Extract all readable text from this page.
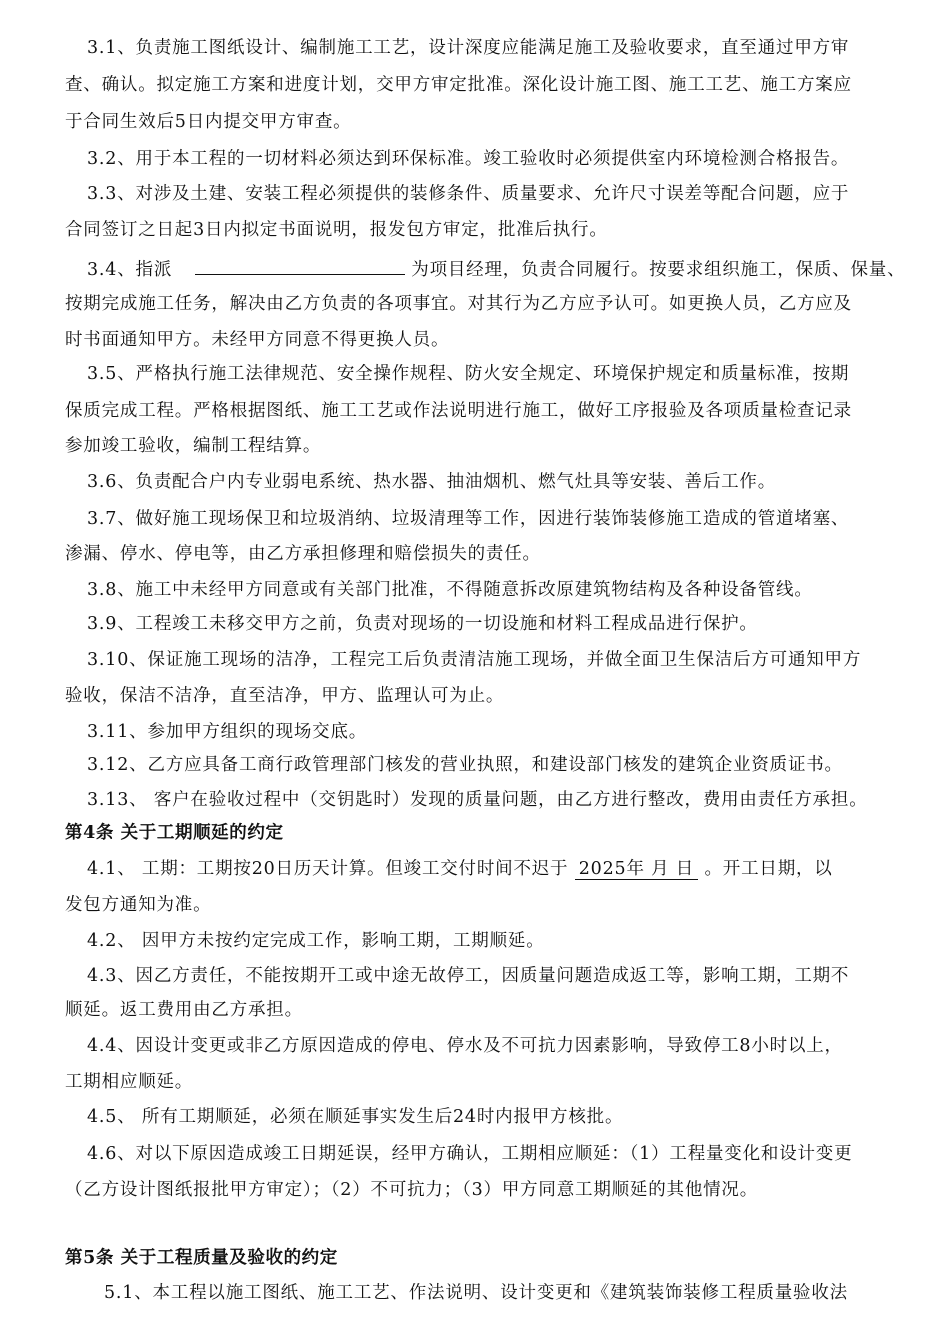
3.1、负责施工图纸设计、编制施工工艺，设计深度应能满足施工及验收要求，直至通过甲方审
查、确认。拟定施工方案和进度计划，交甲方审定批准。深化设计施工图、施工工艺、施工方案应
于合同生效后5日内提交甲方审查。
3.2、用于本工程的一切材料必须达到环保标准。竣工验收时必须提供室内环境检测合格报告。
3.3、对涉及土建、安装工程必须提供的装修条件、质量要求、允许尺寸误差等配合问题，应于
合同签订之日起3日内拟定书面说明，报发包方审定，批准后执行。
3.4、指派	为项目经理，负责合同履行。按要求组织施工，保质、保量、
按期完成施工任务，解决由乙方负责的各项事宜。对其行为乙方应予认可。如更换人员，乙方应及
时书面通知甲方。未经甲方同意不得更换人员。
3.5、严格执行施工法律规范、安全操作规程、防火安全规定、环境保护规定和质量标准，按期
保质完成工程。严格根据图纸、施工工艺或作法说明进行施工，做好工序报验及各项质量检查记录
参加竣工验收，编制工程结算。
3.6、负责配合户内专业弱电系统、热水器、抽油烟机、燃气灶具等安装、善后工作。
3.7、做好施工现场保卫和垃圾消纳、垃圾清理等工作，因进行装饰装修施工造成的管道堵塞、
渗漏、停水、停电等，由乙方承担修理和赔偿损失的责任。
3.8、施工中未经甲方同意或有关部门批准，不得随意拆改原建筑物结构及各种设备管线。
3.9、工程竣工未移交甲方之前，负责对现场的一切设施和材料工程成品进行保护。
3.10、保证施工现场的洁净，工程完工后负责清洁施工现场，并做全面卫生保洁后方可通知甲方
验收，保洁不洁净，直至洁净，甲方、监理认可为止。
3.11、参加甲方组织的现场交底。
3.12、乙方应具备工商行政管理部门核发的营业执照，和建设部门核发的建筑企业资质证书。
3.13、 客户在验收过程中（交钥匙时）发现的质量问题，由乙方进行整改，费用由责任方承担。
第4条 关于工期顺延的约定
4.1、 工期：工期按20日历天计算。但竣工交付时间不迟于 2025年 月 日 。开工日期，以
发包方通知为准。
4.2、 因甲方未按约定完成工作，影响工期，工期顺延。
4.3、因乙方责任，不能按期开工或中途无故停工，因质量问题造成返工等，影响工期，工期不
顺延。返工费用由乙方承担。
4.4、因设计变更或非乙方原因造成的停电、停水及不可抗力因素影响，导致停工8小时以上，
工期相应顺延。
4.5、 所有工期顺延，必须在顺延事实发生后24时内报甲方核批。
4.6、对以下原因造成竣工日期延误，经甲方确认，工期相应顺延：（1）工程量变化和设计变更
（乙方设计图纸报批甲方审定）；（2）不可抗力；（3）甲方同意工期顺延的其他情况。
第5条 关于工程质量及验收的约定
5.1、本工程以施工图纸、施工工艺、作法说明、设计变更和《建筑装饰装修工程质量验收法
